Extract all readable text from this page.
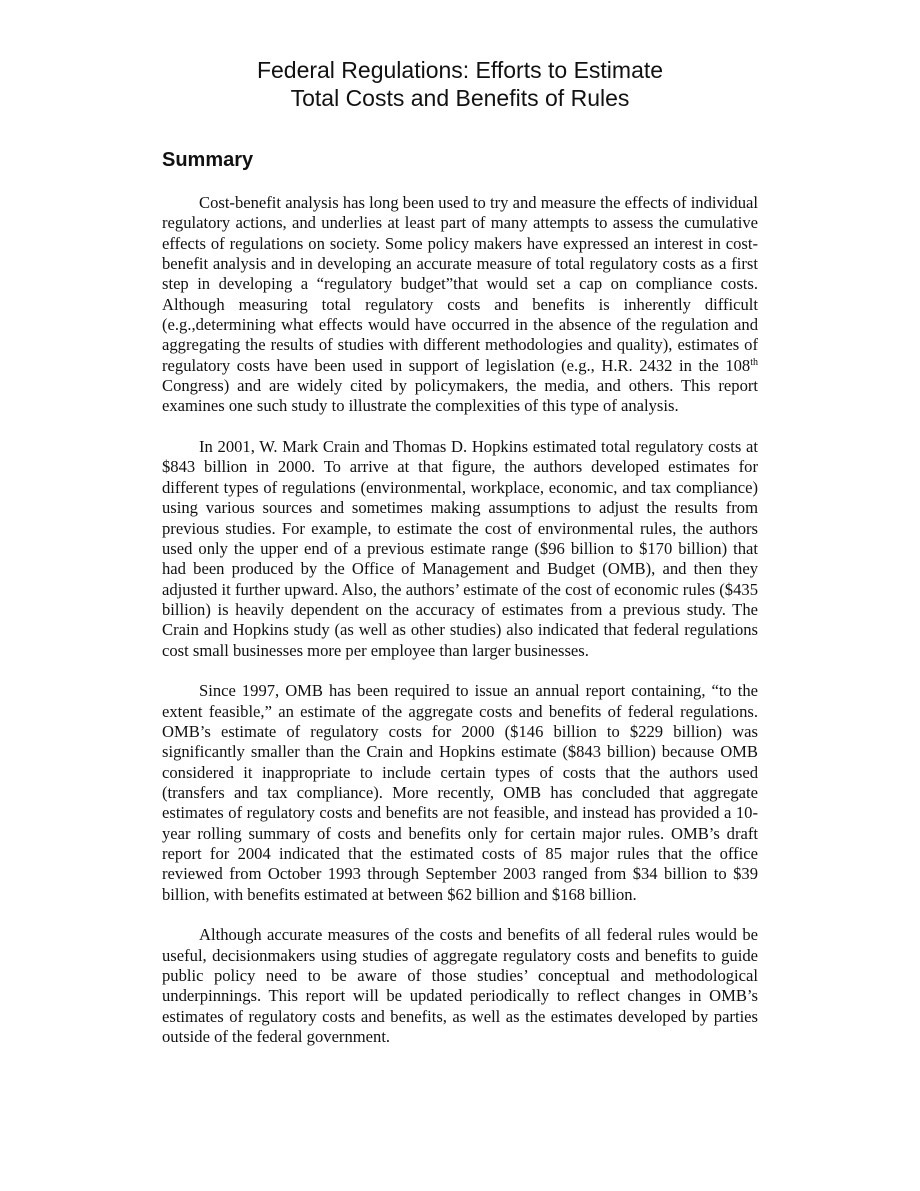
Federal Regulations: Efforts to Estimate
Total Costs and Benefits of Rules
Summary

Cost-benefit analysis has long been used to try and measure the effects of individual regulatory actions, and underlies at least part of many attempts to assess the cumulative effects of regulations on society. Some policy makers have expressed an interest in cost-benefit analysis and in developing an accurate measure of total regulatory costs as a first step in developing a “regulatory budget”that would set a cap on compliance costs. Although measuring total regulatory costs and benefits is inherently difficult (e.g.,determining what effects would have occurred in the absence of the regulation and aggregating the results of studies with different methodologies and quality), estimates of regulatory costs have been used in support of legislation (e.g., H.R. 2432 in the 108th Congress) and are widely cited by policymakers, the media, and others. This report examines one such study to illustrate the complexities of this type of analysis.

In 2001, W. Mark Crain and Thomas D. Hopkins estimated total regulatory costs at $843 billion in 2000. To arrive at that figure, the authors developed estimates for different types of regulations (environmental, workplace, economic, and tax compliance) using various sources and sometimes making assumptions to adjust the results from previous studies. For example, to estimate the cost of environmental rules, the authors used only the upper end of a previous estimate range ($96 billion to $170 billion) that had been produced by the Office of Management and Budget (OMB), and then they adjusted it further upward. Also, the authors’ estimate of the cost of economic rules ($435 billion) is heavily dependent on the accuracy of estimates from a previous study. The Crain and Hopkins study (as well as other studies) also indicated that federal regulations cost small businesses more per employee than larger businesses.

Since 1997, OMB has been required to issue an annual report containing, “to the extent feasible,” an estimate of the aggregate costs and benefits of federal regulations. OMB’s estimate of regulatory costs for 2000 ($146 billion to $229 billion) was significantly smaller than the Crain and Hopkins estimate ($843 billion) because OMB considered it inappropriate to include certain types of costs that the authors used (transfers and tax compliance). More recently, OMB has concluded that aggregate estimates of regulatory costs and benefits are not feasible, and instead has provided a 10-year rolling summary of costs and benefits only for certain major rules. OMB’s draft report for 2004 indicated that the estimated costs of 85 major rules that the office reviewed from October 1993 through September 2003 ranged from $34 billion to $39 billion, with benefits estimated at between $62 billion and $168 billion.

Although accurate measures of the costs and benefits of all federal rules would be useful, decisionmakers using studies of aggregate regulatory costs and benefits to guide public policy need to be aware of those studies’ conceptual and methodological underpinnings. This report will be updated periodically to reflect changes in OMB’s estimates of regulatory costs and benefits, as well as the estimates developed by parties outside of the federal government.
